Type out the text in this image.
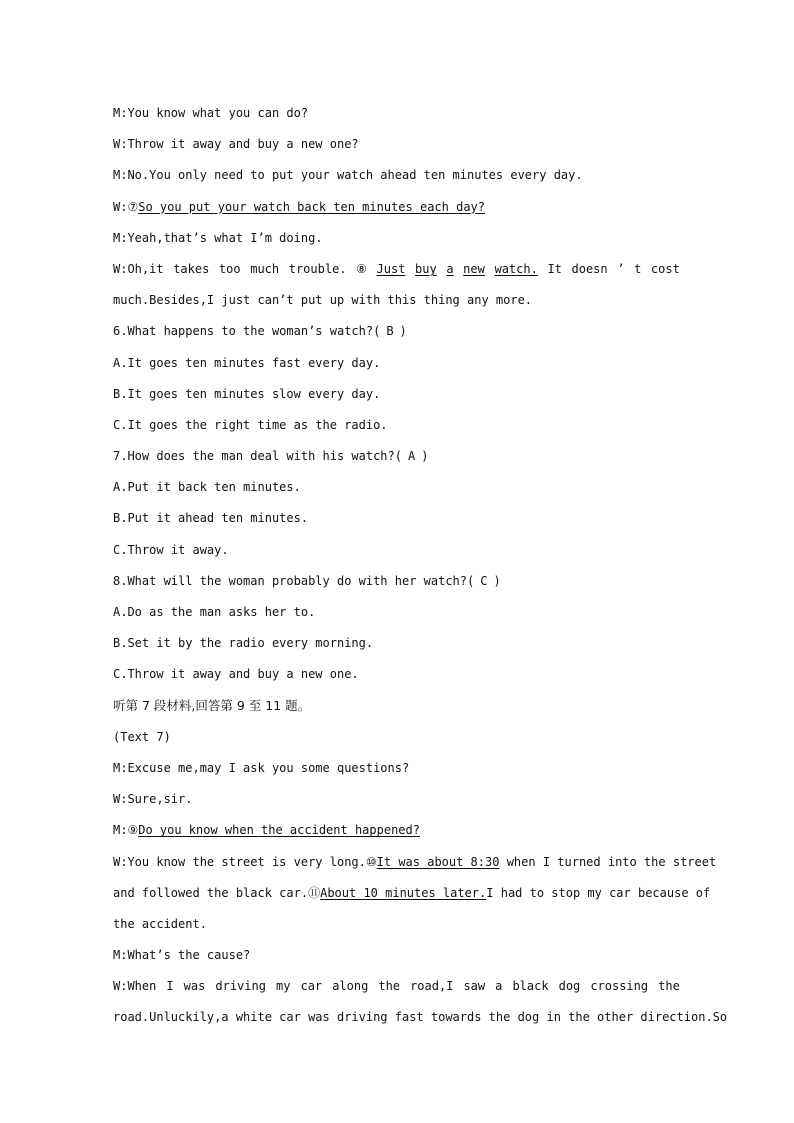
M:You know what you can do?
W:Throw it away and buy a new one?
M:No.You only need to put your watch ahead ten minutes every day.
W:⑦So you put your watch back ten minutes each day?
M:Yeah,that’s what I’m doing.
W:Oh,it takes too much trouble. ⑧ Just buy a new watch. It doesn ’ t cost
much.Besides,I just can’t put up with this thing any more.
6.What happens to the woman’s watch?( B )
A.It goes ten minutes fast every day.
B.It goes ten minutes slow every day.
C.It goes the right time as the radio.
7.How does the man deal with his watch?( A )
A.Put it back ten minutes.
B.Put it ahead ten minutes.
C.Throw it away.
8.What will the woman probably do with her watch?( C )
A.Do as the man asks her to.
B.Set it by the radio every morning.
C.Throw it away and buy a new one.
听第 7 段材料,回答第 9 至 11 题。
(Text 7)
M:Excuse me,may I ask you some questions?
W:Sure,sir.
M:⑨Do you know when the accident happened?
W:You know the street is very long.⑩It was about 8:30 when I turned into the street
and followed the black car.⑪About 10 minutes later.I had to stop my car because of
the accident.
M:What’s the cause?
W:When I was driving my car along the road,I saw a black dog crossing the
road.Unluckily,a white car was driving fast towards the dog in the other direction.So
